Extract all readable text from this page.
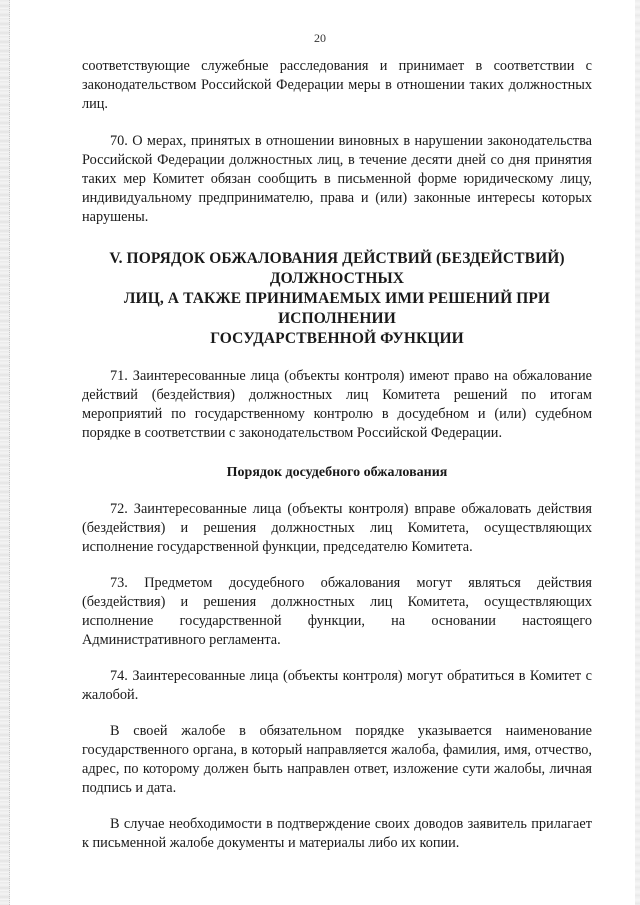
20

соответствующие служебные расследования и принимает в соответствии с законодательством Российской Федерации меры в отношении таких должностных лиц.

70. О мерах, принятых в отношении виновных в нарушении законодательства Российской Федерации должностных лиц, в течение десяти дней со дня принятия таких мер Комитет обязан сообщить в письменной форме юридическому лицу, индивидуальному предпринимателю, права и (или) законные интересы которых нарушены.

V. ПОРЯДОК ОБЖАЛОВАНИЯ ДЕЙСТВИЙ (БЕЗДЕЙСТВИЙ)
ДОЛЖНОСТНЫХ
ЛИЦ, А ТАКЖЕ ПРИНИМАЕМЫХ ИМИ РЕШЕНИЙ ПРИ
ИСПОЛНЕНИИ
ГОСУДАРСТВЕННОЙ ФУНКЦИИ

71. Заинтересованные лица (объекты контроля) имеют право на обжалование действий (бездействия) должностных лиц Комитета решений по итогам мероприятий по государственному контролю в досудебном и (или) судебном порядке в соответствии с законодательством Российской Федерации.

Порядок досудебного обжалования

72. Заинтересованные лица (объекты контроля) вправе обжаловать действия (бездействия) и решения должностных лиц Комитета, осуществляющих исполнение государственной функции, председателю Комитета.

73. Предметом досудебного обжалования могут являться действия (бездействия) и решения должностных лиц Комитета, осуществляющих исполнение государственной функции, на основании настоящего Административного регламента.

74. Заинтересованные лица (объекты контроля) могут обратиться в Комитет с жалобой.

В своей жалобе в обязательном порядке указывается наименование государственного органа, в который направляется жалоба, фамилия, имя, отчество, адрес, по которому должен быть направлен ответ, изложение сути жалобы, личная подпись и дата.

В случае необходимости в подтверждение своих доводов заявитель прилагает к письменной жалобе документы и материалы либо их копии.
